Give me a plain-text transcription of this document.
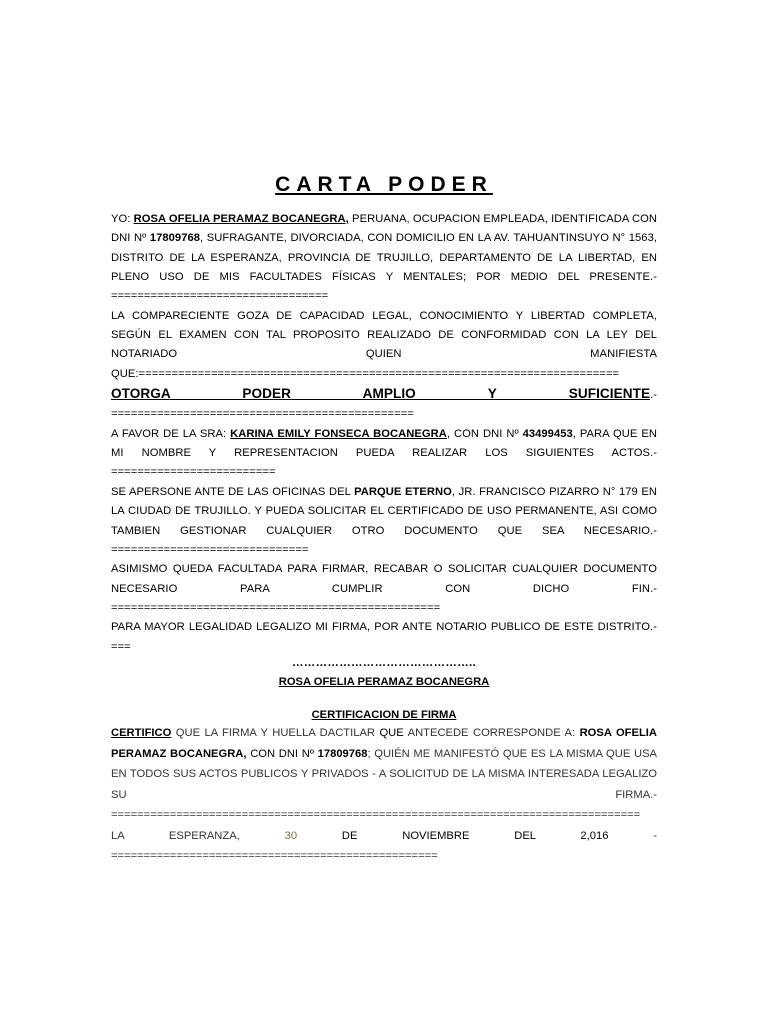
CARTA PODER

YO: ROSA OFELIA PERAMAZ BOCANEGRA, PERUANA, OCUPACION EMPLEADA, IDENTIFICADA CON DNI Nº 17809768, SUFRAGANTE, DIVORCIADA, CON DOMICILIO EN LA AV. TAHUANTINSUYO N° 1563, DISTRITO DE LA ESPERANZA, PROVINCIA DE TRUJILLO, DEPARTAMENTO DE LA LIBERTAD, EN PLENO USO DE MIS FACULTADES FÍSICAS Y MENTALES; POR MEDIO DEL PRESENTE.-=================================

LA COMPARECIENTE GOZA DE CAPACIDAD LEGAL, CONOCIMIENTO Y LIBERTAD COMPLETA, SEGÚN EL EXAMEN CON TAL PROPOSITO REALIZADO DE CONFORMIDAD CON LA LEY DEL NOTARIADO QUIEN MANIFIESTA QUE:=========================================================================

OTORGA PODER AMPLIO Y SUFICIENTE.-==============================================

A FAVOR DE LA SRA: KARINA EMILY FONSECA BOCANEGRA, CON DNI Nº 43499453, PARA QUE EN MI NOMBRE Y REPRESENTACION PUEDA REALIZAR LOS SIGUIENTES ACTOS.-=========================

SE APERSONE ANTE DE LAS OFICINAS DEL PARQUE ETERNO, JR. FRANCISCO PIZARRO N° 179 EN LA CIUDAD DE TRUJILLO. Y PUEDA SOLICITAR EL CERTIFICADO DE USO PERMANENTE, ASI COMO TAMBIEN GESTIONAR CUALQUIER OTRO DOCUMENTO QUE SEA NECESARIO.-==============================

ASIMISMO QUEDA FACULTADA PARA FIRMAR, RECABAR O SOLICITAR CUALQUIER DOCUMENTO NECESARIO PARA CUMPLIR CON DICHO FIN.-==================================================

PARA MAYOR LEGALIDAD LEGALIZO MI FIRMA, POR ANTE NOTARIO PUBLICO DE ESTE DISTRITO.-===

………………………………………..
ROSA OFELIA PERAMAZ BOCANEGRA
CERTIFICACION DE FIRMA

CERTIFICO QUE LA FIRMA Y HUELLA DACTILAR QUE ANTECEDE CORRESPONDE A: ROSA OFELIA PERAMAZ BOCANEGRA, CON DNI Nº 17809768; QUIÉN ME MANIFESTÓ QUE ES LA MISMA QUE USA EN TODOS SUS ACTOS PUBLICOS Y PRIVADOS - A SOLICITUD DE LA MISMA INTERESADA LEGALIZO SU FIRMA.- =================================================================================

LA ESPERANZA, 30 DE NOVIEMBRE DEL 2,016 -==================================================
